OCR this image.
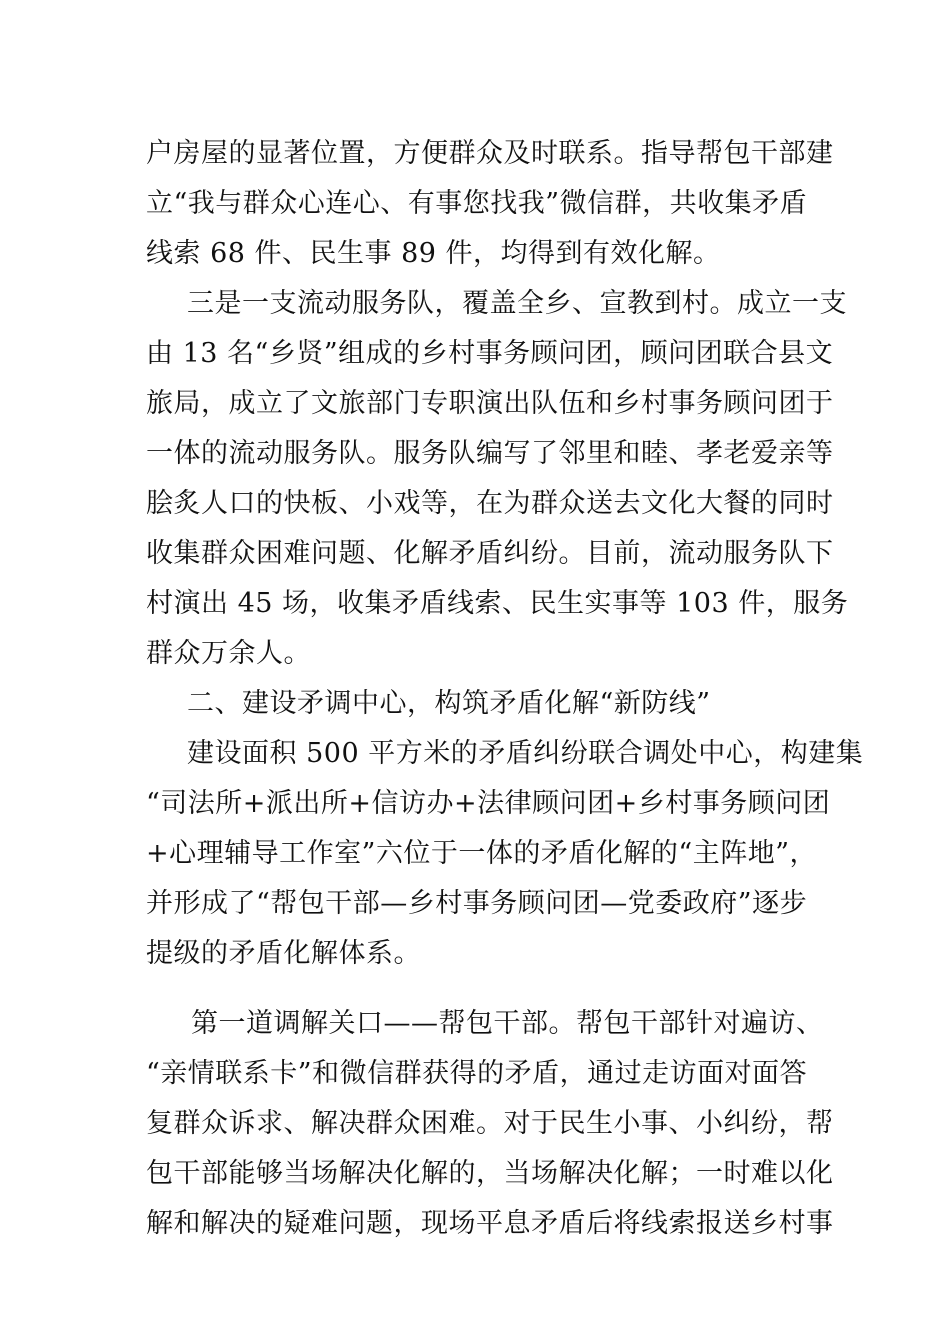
户房屋的显著位置，方便群众及时联系。指导帮包干部建
立“我与群众心连心、有事您找我”微信群，共收集矛盾
线索 68 件、民生事 89 件，均得到有效化解。
三是一支流动服务队，覆盖全乡、宣教到村。成立一支
由 13 名“乡贤”组成的乡村事务顾问团，顾问团联合县文
旅局，成立了文旅部门专职演出队伍和乡村事务顾问团于
一体的流动服务队。服务队编写了邻里和睦、孝老爱亲等
脍炙人口的快板、小戏等，在为群众送去文化大餐的同时
收集群众困难问题、化解矛盾纠纷。目前，流动服务队下
村演出 45 场，收集矛盾线索、民生实事等 103 件，服务
群众万余人。
二、建设矛调中心，构筑矛盾化解“新防线”
建设面积 500 平方米的矛盾纠纷联合调处中心，构建集
“司法所+派出所+信访办+法律顾问团+乡村事务顾问团
+心理辅导工作室”六位于一体的矛盾化解的“主阵地”，
并形成了“帮包干部—乡村事务顾问团—党委政府”逐步
提级的矛盾化解体系。
第一道调解关口——帮包干部。帮包干部针对遍访、
“亲情联系卡”和微信群获得的矛盾，通过走访面对面答
复群众诉求、解决群众困难。对于民生小事、小纠纷，帮
包干部能够当场解决化解的，当场解决化解；一时难以化
解和解决的疑难问题，现场平息矛盾后将线索报送乡村事
